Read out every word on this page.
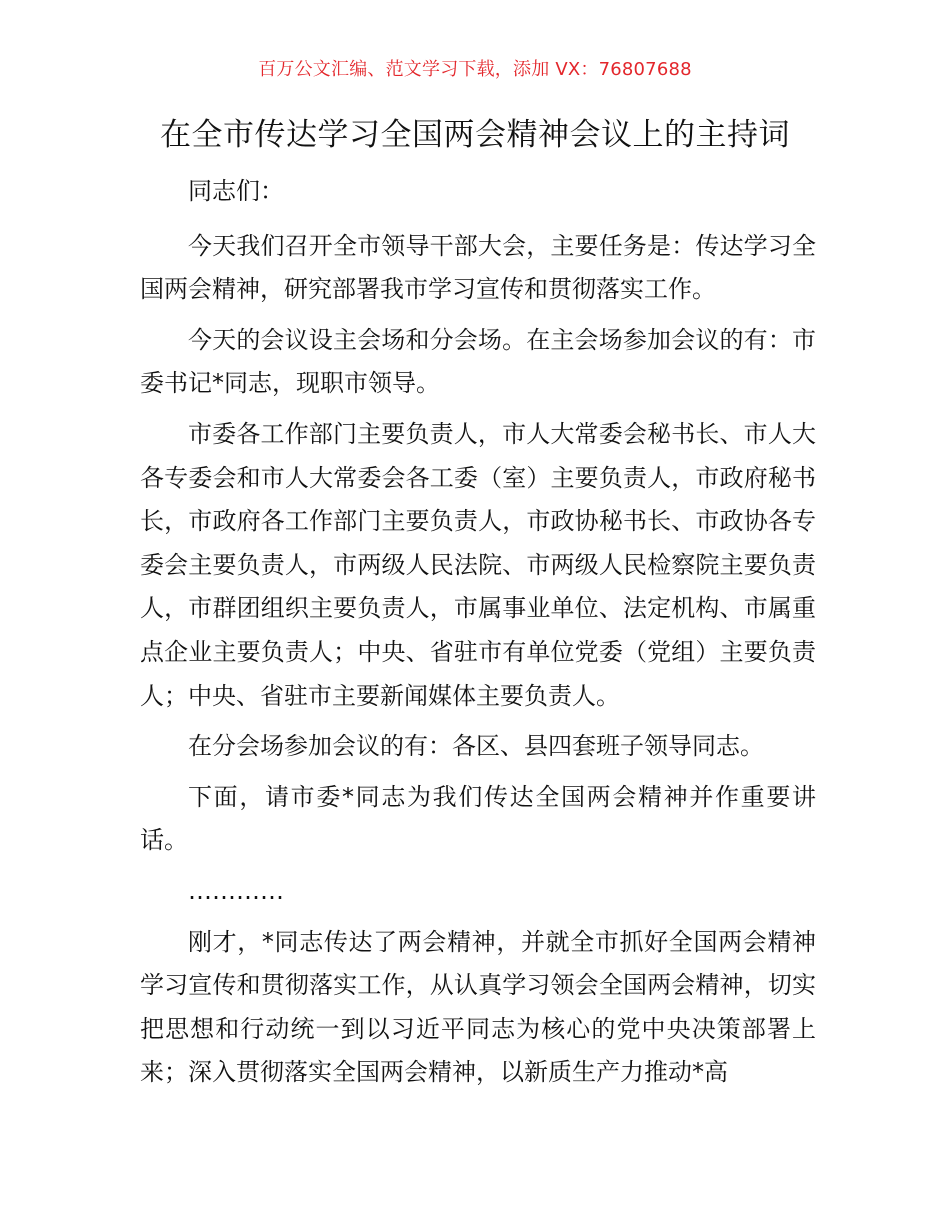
百万公文汇编、范文学习下载，添加 VX：76807688
在全市传达学习全国两会精神会议上的主持词

同志们：

今天我们召开全市领导干部大会，主要任务是：传达学习全国两会精神，研究部署我市学习宣传和贯彻落实工作。

今天的会议设主会场和分会场。在主会场参加会议的有：市委书记*同志，现职市领导。

市委各工作部门主要负责人，市人大常委会秘书长、市人大各专委会和市人大常委会各工委（室）主要负责人，市政府秘书长，市政府各工作部门主要负责人，市政协秘书长、市政协各专委会主要负责人，市两级人民法院、市两级人民检察院主要负责人，市群团组织主要负责人，市属事业单位、法定机构、市属重点企业主要负责人；中央、省驻市有单位党委（党组）主要负责人；中央、省驻市主要新闻媒体主要负责人。

在分会场参加会议的有：各区、县四套班子领导同志。

下面，请市委*同志为我们传达全国两会精神并作重要讲话。

…………

刚才，*同志传达了两会精神，并就全市抓好全国两会精神学习宣传和贯彻落实工作，从认真学习领会全国两会精神，切实把思想和行动统一到以习近平同志为核心的党中央决策部署上来；深入贯彻落实全国两会精神，以新质生产力推动*高
